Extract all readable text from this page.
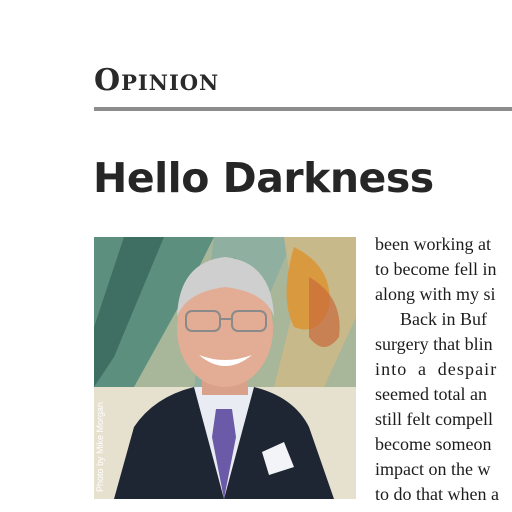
Opinion
Hello Darkness
Photo by Mike Morgan
been working at
to become fell in
along with my si
Back in Buf
surgery that blin
into a despair
seemed total an
still felt compell
become someon
impact on the w
to do that when a
